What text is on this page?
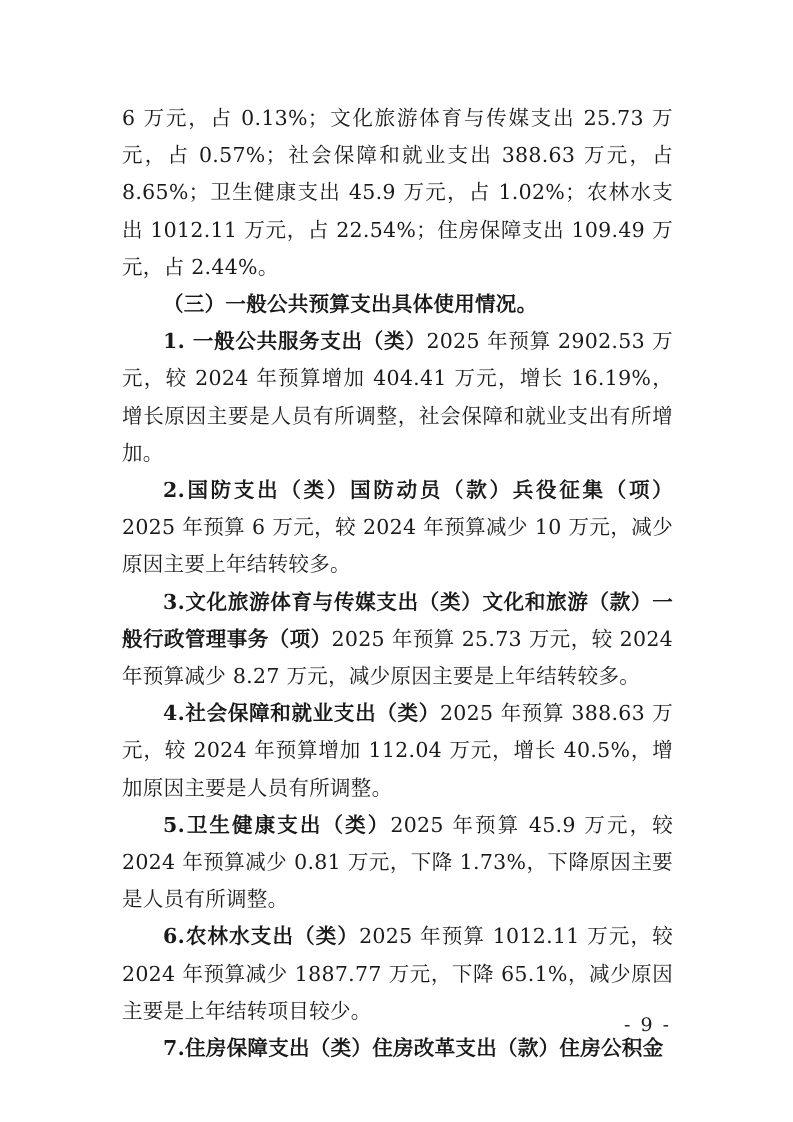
6 万元，占 0.13%；文化旅游体育与传媒支出 25.73 万元，占 0.57%；社会保障和就业支出 388.63 万元，占 8.65%；卫生健康支出 45.9 万元，占 1.02%；农林水支出 1012.11 万元，占 22.54%；住房保障支出 109.49 万元，占 2.44%。

（三）一般公共预算支出具体使用情况。

1. 一般公共服务支出（类）2025 年预算 2902.53 万元，较 2024 年预算增加 404.41 万元，增长 16.19%，增长原因主要是人员有所调整，社会保障和就业支出有所增加。

2.国防支出（类）国防动员（款）兵役征集（项）2025 年预算 6 万元，较 2024 年预算减少 10 万元，减少原因主要上年结转较多。

3.文化旅游体育与传媒支出（类）文化和旅游（款）一般行政管理事务（项）2025 年预算 25.73 万元，较 2024 年预算减少 8.27 万元，减少原因主要是上年结转较多。

4.社会保障和就业支出（类）2025 年预算 388.63 万元，较 2024 年预算增加 112.04 万元，增长 40.5%，增加原因主要是人员有所调整。

5.卫生健康支出（类）2025 年预算 45.9 万元，较 2024 年预算减少 0.81 万元，下降 1.73%，下降原因主要是人员有所调整。

6.农林水支出（类）2025 年预算 1012.11 万元，较 2024 年预算减少 1887.77 万元，下降 65.1%，减少原因主要是上年结转项目较少。

7.住房保障支出（类）住房改革支出（款）住房公积金

- 9 -
